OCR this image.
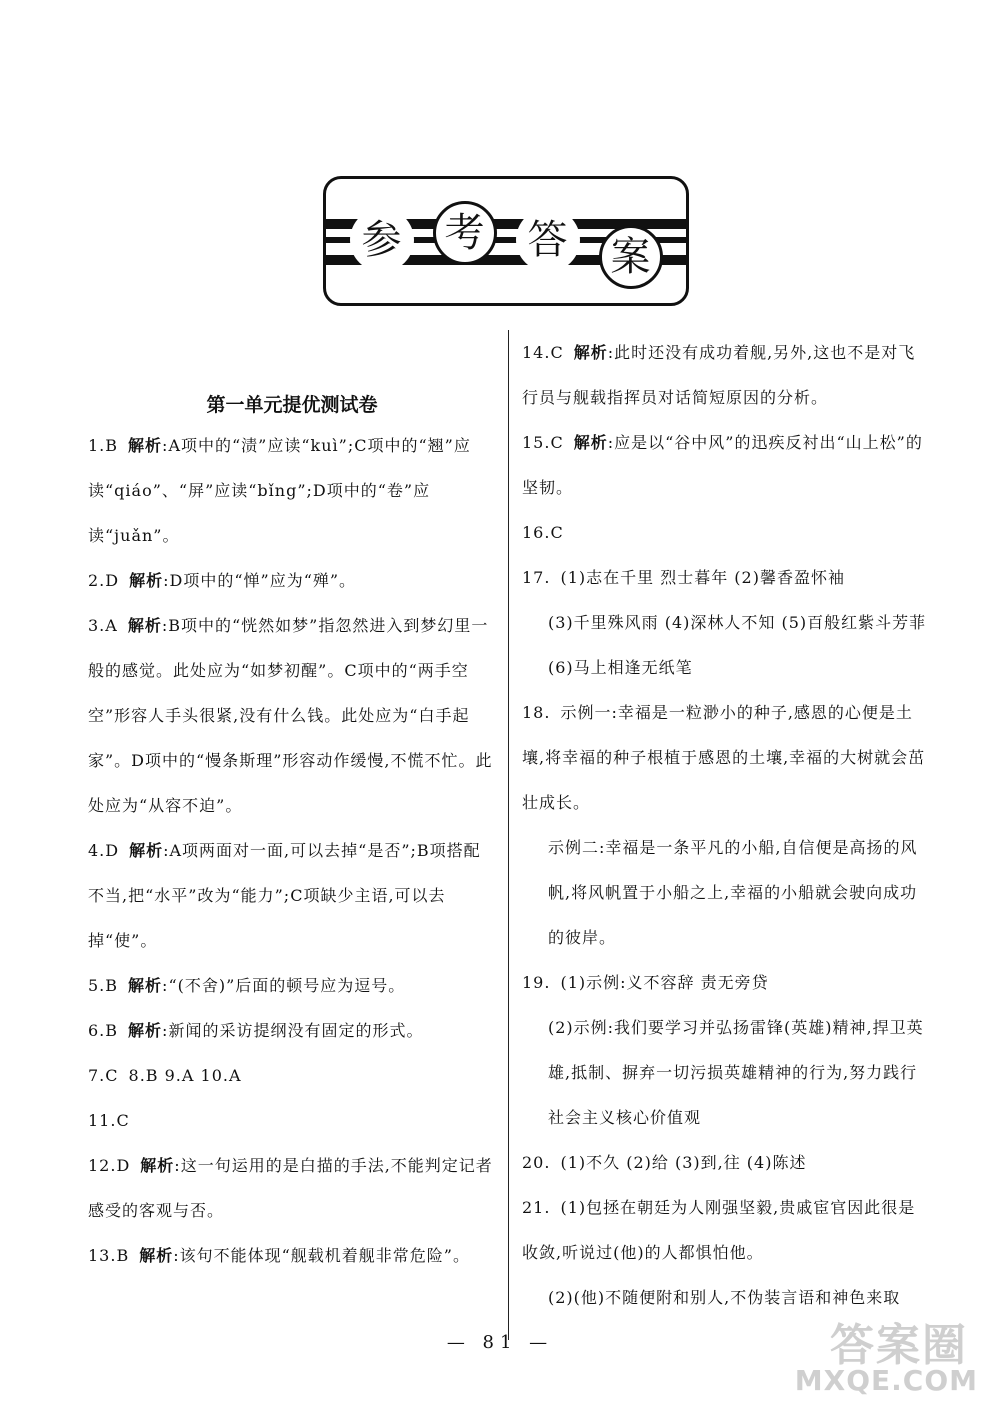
参	考	答	案
第一单元提优测试卷

1.B 解析:A项中的“渍”应读“kuì”;C项中的“翘”应读“qiáo”、“屏”应读“bǐng”;D项中的“卷”应读“juǎn”。

2.D 解析:D项中的“惮”应为“殚”。

3.A 解析:B项中的“恍然如梦”指忽然进入到梦幻里一般的感觉。此处应为“如梦初醒”。C项中的“两手空空”形容人手头很紧,没有什么钱。此处应为“白手起家”。D项中的“慢条斯理”形容动作缓慢,不慌不忙。此处应为“从容不迫”。

4.D 解析:A项两面对一面,可以去掉“是否”;B项搭配不当,把“水平”改为“能力”;C项缺少主语,可以去掉“使”。

5.B 解析:“(不舍)”后面的顿号应为逗号。

6.B 解析:新闻的采访提纲没有固定的形式。

7.C 8.B 9.A 10.A

11.C

12.D 解析:这一句运用的是白描的手法,不能判定记者感受的客观与否。

13.B 解析:该句不能体现“舰载机着舰非常危险”。

14.C 解析:此时还没有成功着舰,另外,这也不是对飞行员与舰载指挥员对话简短原因的分析。

15.C 解析:应是以“谷中风”的迅疾反衬出“山上松”的坚韧。

16.C

17. (1)志在千里 烈士暮年 (2)馨香盈怀袖

(3)千里殊风雨 (4)深林人不知 (5)百般红紫斗芳菲 (6)马上相逢无纸笔

18. 示例一:幸福是一粒渺小的种子,感恩的心便是土壤,将幸福的种子根植于感恩的土壤,幸福的大树就会茁壮成长。

示例二:幸福是一条平凡的小船,自信便是高扬的风帆,将风帆置于小船之上,幸福的小船就会驶向成功的彼岸。

19. (1)示例:义不容辞 责无旁贷

(2)示例:我们要学习并弘扬雷锋(英雄)精神,捍卫英雄,抵制、摒弃一切污损英雄精神的行为,努力践行社会主义核心价值观

20. (1)不久 (2)给 (3)到,往 (4)陈述

21. (1)包拯在朝廷为人刚强坚毅,贵戚宦官因此很是收敛,听说过(他)的人都惧怕他。

(2)(他)不随便附和别人,不伪装言语和神色来取

— 81 —	答案圈
MXQE.COM
